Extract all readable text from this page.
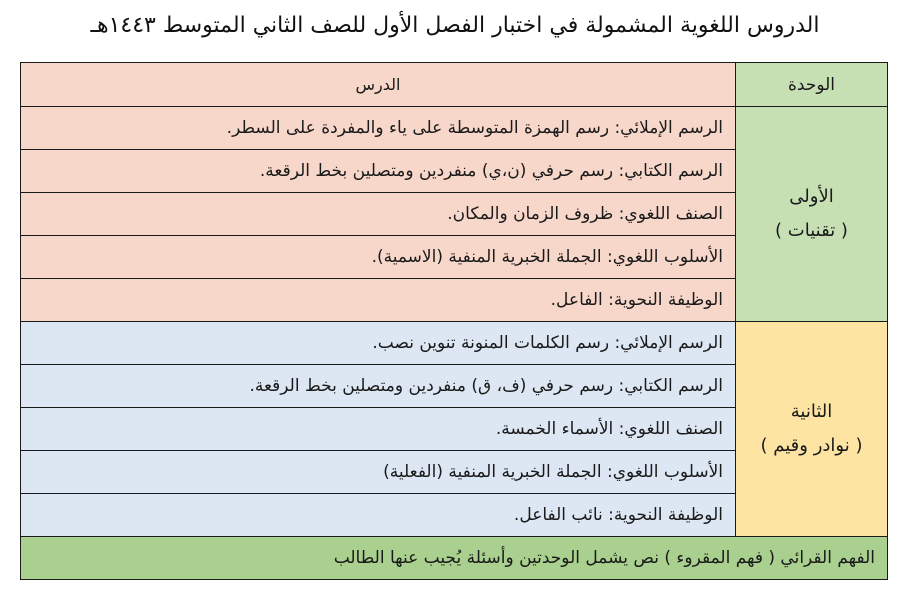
الدروس اللغوية المشمولة في اختبار الفصل الأول للصف الثاني المتوسط ١٤٤٣هـ
الوحدة	الدرس

الأولى
( تقنيات )	الرسم الإملائي: رسم الهمزة المتوسطة على ياء والمفردة على السطر.
	الرسم الكتابي: رسم حرفي (ن،ي) منفردين ومتصلين بخط الرقعة.
	الصنف اللغوي: ظروف الزمان والمكان.
	الأسلوب اللغوي: الجملة الخبرية المنفية (الاسمية).
	الوظيفة النحوية: الفاعل.

الثانية
( نوادر وقيم )	الرسم الإملائي: رسم الكلمات المنونة تنوين نصب.
	الرسم الكتابي: رسم حرفي (ف، ق) منفردين ومتصلين بخط الرقعة.
	الصنف اللغوي: الأسماء الخمسة.
	الأسلوب اللغوي: الجملة الخبرية المنفية (الفعلية)
	الوظيفة النحوية: نائب الفاعل.
الفهم القرائي ( فهم المقروء ) نص يشمل الوحدتين وأسئلة يُجيب عنها الطالب	
